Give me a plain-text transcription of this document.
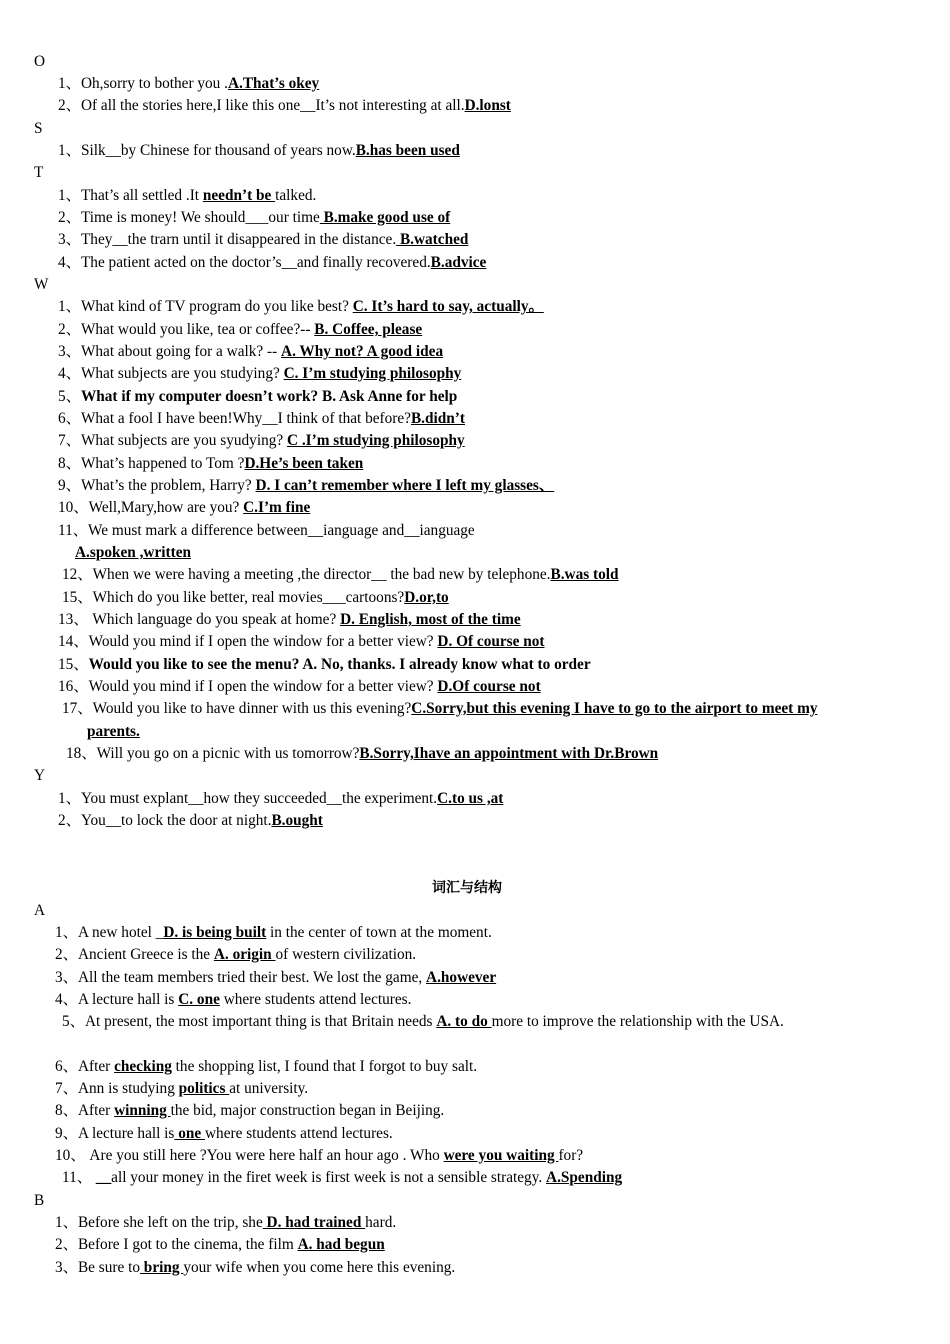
O
1、Oh,sorry to bother you .A.That’s okey
2、Of all the stories here,I like this one__It’s not interesting at all.D.lonst
S
1、Silk__by Chinese for thousand of years now.B.has been used
T
1、That’s all settled .It needn’t be talked.
2、Time is money! We should___our time B.make good use of
3、They__the trarn until it disappeared in the distance. B.watched
4、The patient acted on the doctor’s__and finally recovered.B.advice
W
1、What kind of TV program do you like best? C. It’s hard to say, actually。
2、What would you like, tea or coffee?-- B. Coffee, please
3、What about going for a walk? -- A. Why not? A good idea
4、What subjects are you studying? C. I’m studying philosophy
5、What if my computer doesn’t work? B. Ask Anne for help
6、What a fool I have been!Why__I think of that before?B.didn’t
7、What subjects are you syudying? C .I’m studying philosophy
8、What’s happened to Tom ?D.He’s been taken
9、What’s the problem, Harry? D. I can’t remember where I left my glasses、
10、Well,Mary,how are you? C.I’m fine
11、We must mark a difference between__ianguage and__ianguage
A.spoken ,written
12、When we were having a meeting ,the director__ the bad new by telephone.B.was told
15、Which do you like better, real movies___cartoons?D.or,to
13、 Which language do you speak at home? D. English, most of the time
14、Would you mind if I open the window for a better view? D. Of course not
15、Would you like to see the menu? A. No, thanks. I already know what to order
16、Would you mind if I open the window for a better view? D.Of course not
17、Would you like to have dinner with us this evening?C.Sorry,but this evening I have to go to the airport to meet my
parents.
18、Will you go on a picnic with us tomorrow?B.Sorry,Ihave an appointment with Dr.Brown
Y
1、You must explant__how they succeeded__the experiment.C.to us ,at
2、You__to lock the door at night.B.ought
词汇与结构
A
1、A new hotel _D. is being built in the center of town at the moment.
2、Ancient Greece is the A. origin of western civilization.
3、All the team members tried their best. We lost the game, A.however
4、A lecture hall is C. one where students attend lectures.
5、At present, the most important thing is that Britain needs A. to do more to improve the relationship with the USA.
6、After checking the shopping list, I found that I forgot to buy salt.
7、Ann is studying politics at university.
8、After winning the bid, major construction began in Beijing.
9、A lecture hall is one where students attend lectures.
10、 Are you still here ?You were here half an hour ago . Who were you waiting for?
11、 __all your money in the firet week is first week is not a sensible strategy. A.Spending
B
1、Before she left on the trip, she D. had trained hard.
2、Before I got to the cinema, the film A. had begun
3、Be sure to bring your wife when you come here this evening.
